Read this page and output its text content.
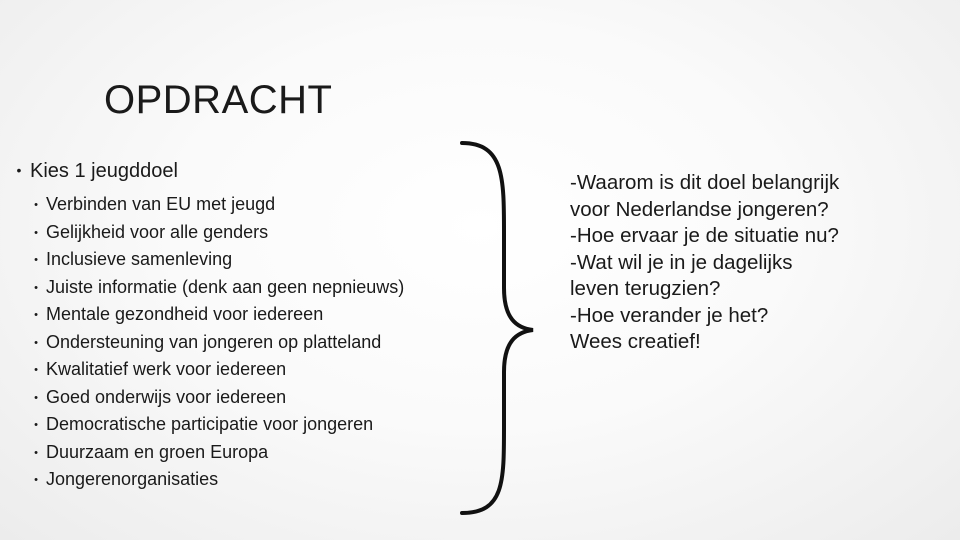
OPDRACHT
• Kies 1 jeugddoel
• Verbinden van EU met jeugd
• Gelijkheid voor alle genders
• Inclusieve samenleving
• Juiste informatie (denk aan geen nepnieuws)
• Mentale gezondheid voor iedereen
• Ondersteuning van jongeren op platteland
• Kwalitatief werk voor iedereen
• Goed onderwijs voor iedereen
• Democratische participatie voor jongeren
• Duurzaam en groen Europa
• Jongerenorganisaties
-Waarom is dit doel belangrijk
voor Nederlandse jongeren?
-Hoe ervaar je de situatie nu?
-Wat wil je in je dagelijks
leven terugzien?
-Hoe verander je het?
Wees creatief!
